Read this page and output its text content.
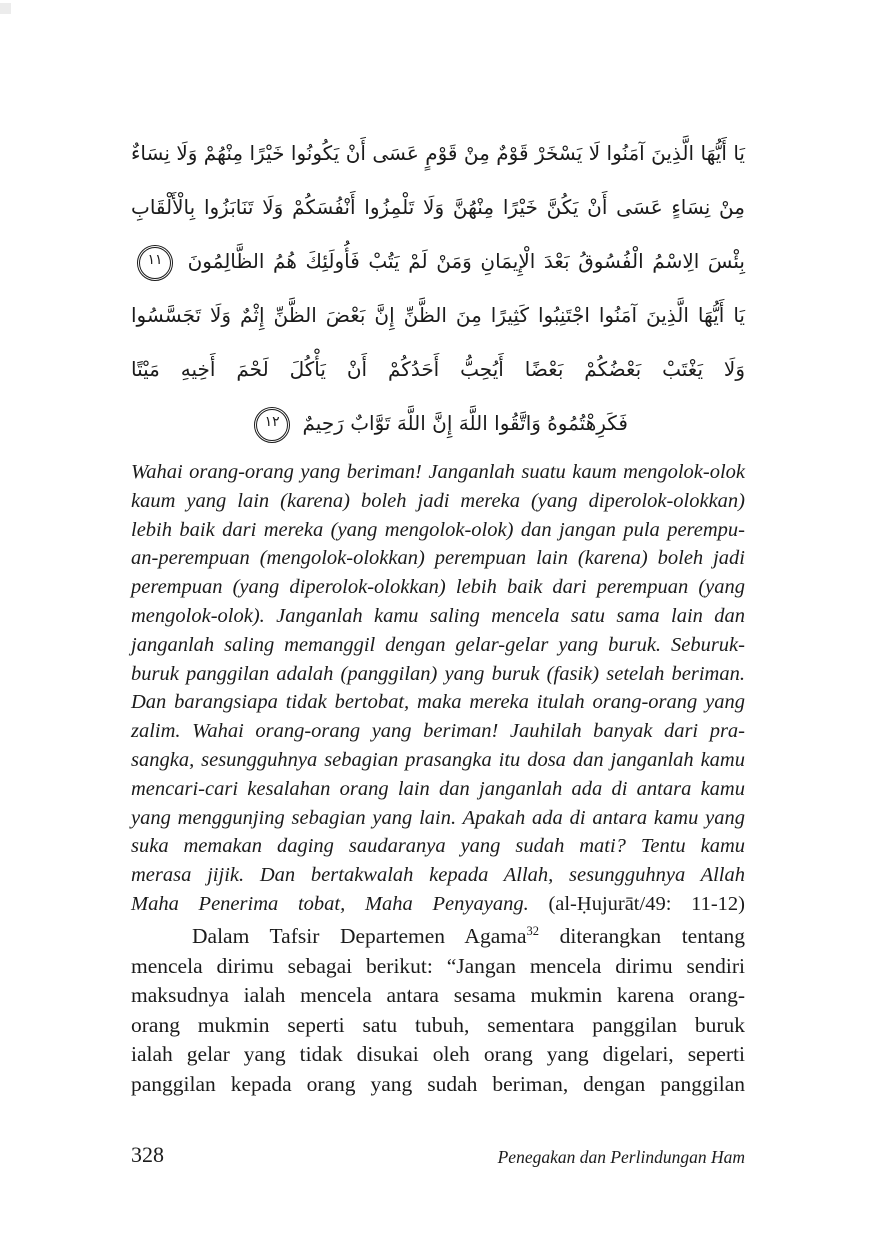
يَا أَيُّهَا الَّذِينَ آمَنُوا لَا يَسْخَرْ قَوْمٌ مِنْ قَوْمٍ عَسَى أَنْ يَكُونُوا خَيْرًا مِنْهُمْ وَلَا نِسَاءٌ
مِنْ نِسَاءٍ عَسَى أَنْ يَكُنَّ خَيْرًا مِنْهُنَّ وَلَا تَلْمِزُوا أَنْفُسَكُمْ وَلَا تَنَابَزُوا بِالْأَلْقَابِ
بِئْسَ الِاسْمُ الْفُسُوقُ بَعْدَ الْإِيمَانِ وَمَنْ لَمْ يَتُبْ فَأُولَئِكَ هُمُ الظَّالِمُونَ ١١
يَا أَيُّهَا الَّذِينَ آمَنُوا اجْتَنِبُوا كَثِيرًا مِنَ الظَّنِّ إِنَّ بَعْضَ الظَّنِّ إِثْمٌ وَلَا تَجَسَّسُوا
وَلَا يَغْتَبْ بَعْضُكُمْ بَعْضًا أَيُحِبُّ أَحَدُكُمْ أَنْ يَأْكُلَ لَحْمَ أَخِيهِ مَيْتًا
فَكَرِهْتُمُوهُ وَاتَّقُوا اللَّهَ إِنَّ اللَّهَ تَوَّابٌ رَحِيمٌ ١٢
Wahai orang-orang yang beriman! Janganlah suatu kaum mengolok-olok
kaum yang lain (karena) boleh jadi mereka (yang diperolok-olokkan)
lebih baik dari mereka (yang mengolok-olok) dan jangan pula perempu-
an-perempuan (mengolok-olokkan) perempuan lain (karena) boleh jadi
perempuan (yang diperolok-olokkan) lebih baik dari perempuan (yang
mengolok-olok). Janganlah kamu saling mencela satu sama lain dan
janganlah saling memanggil dengan gelar-gelar yang buruk. Seburuk-
buruk panggilan adalah (panggilan) yang buruk (fasik) setelah beriman.
Dan barangsiapa tidak bertobat, maka mereka itulah orang-orang yang
zalim. Wahai orang-orang yang beriman! Jauhilah banyak dari pra-
sangka, sesungguhnya sebagian prasangka itu dosa dan janganlah kamu
mencari-cari kesalahan orang lain dan janganlah ada di antara kamu
yang menggunjing sebagian yang lain. Apakah ada di antara kamu yang
suka memakan daging saudaranya yang sudah mati? Tentu kamu
merasa jijik. Dan bertakwalah kepada Allah, sesungguhnya Allah
Maha Penerima tobat, Maha Penyayang. (al-Ḥujurāt/49: 11-12)
Dalam Tafsir Departemen Agama$^{32}$ diterangkan tentang
mencela dirimu sebagai berikut: “Jangan mencela dirimu sendiri
maksudnya ialah mencela antara sesama mukmin karena orang-
orang mukmin seperti satu tubuh, sementara panggilan buruk
ialah gelar yang tidak disukai oleh orang yang digelari, seperti
panggilan kepada orang yang sudah beriman, dengan panggilan
328	Penegakan dan Perlindungan Ham
